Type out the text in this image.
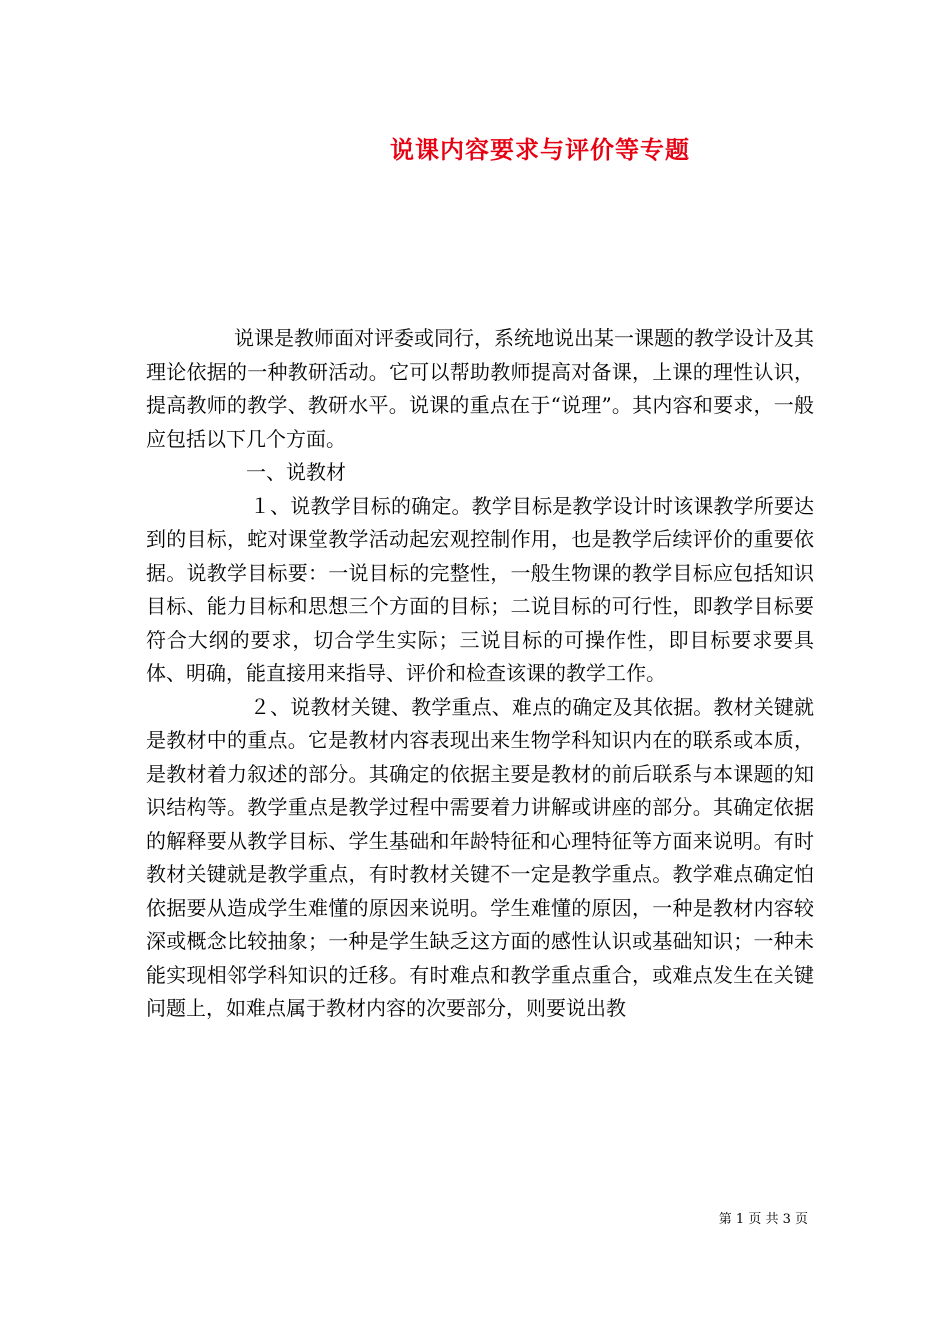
说课内容要求与评价等专题

说课是教师面对评委或同行，系统地说出某一课题的教学设计及其理论依据的一种教研活动。它可以帮助教师提高对备课，上课的理性认识，提高教师的教学、教研水平。说课的重点在于“说理”。其内容和要求，一般应包括以下几个方面。

一、说教材

１、说教学目标的确定。教学目标是教学设计时该课教学所要达到的目标，蛇对课堂教学活动起宏观控制作用，也是教学后续评价的重要依据。说教学目标要：一说目标的完整性，一般生物课的教学目标应包括知识目标、能力目标和思想三个方面的目标；二说目标的可行性，即教学目标要符合大纲的要求，切合学生实际；三说目标的可操作性，即目标要求要具体、明确，能直接用来指导、评价和检查该课的教学工作。

２、说教材关键、教学重点、难点的确定及其依据。教材关键就是教材中的重点。它是教材内容表现出来生物学科知识内在的联系或本质，是教材着力叙述的部分。其确定的依据主要是教材的前后联系与本课题的知识结构等。教学重点是教学过程中需要着力讲解或讲座的部分。其确定依据的解释要从教学目标、学生基础和年龄特征和心理特征等方面来说明。有时教材关键就是教学重点，有时教材关键不一定是教学重点。教学难点确定怕依据要从造成学生难懂的原因来说明。学生难懂的原因，一种是教材内容较深或概念比较抽象；一种是学生缺乏这方面的感性认识或基础知识；一种未能实现相邻学科知识的迁移。有时难点和教学重点重合，或难点发生在关键问题上，如难点属于教材内容的次要部分，则要说出教

第 1 页 共 3 页
